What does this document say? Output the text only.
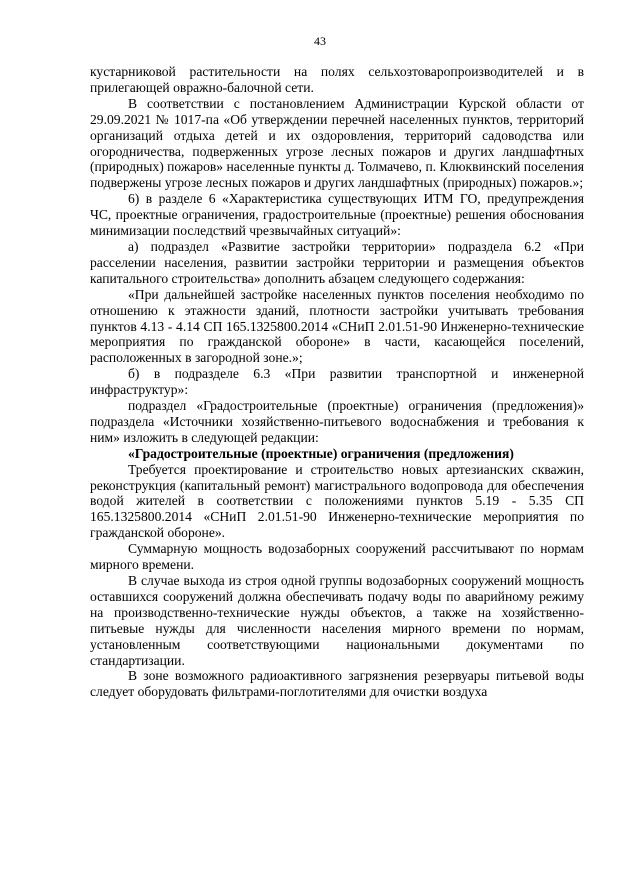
43

кустарниковой растительности на полях сельхозтоваропроизводителей и в прилегающей овражно-балочной сети.

В соответствии с постановлением Администрации Курской области от 29.09.2021 № 1017-па «Об утверждении перечней населенных пунктов, территорий организаций отдыха детей и их оздоровления, территорий садоводства или огородничества, подверженных угрозе лесных пожаров и других ландшафтных (природных) пожаров» населенные пункты д. Толмачево, п. Клюквинский поселения подвержены угрозе лесных пожаров и других ландшафтных (природных) пожаров.»;

6) в разделе 6 «Характеристика существующих ИТМ ГО, предупреждения ЧС, проектные ограничения, градостроительные (проектные) решения обоснования минимизации последствий чрезвычайных ситуаций»:

а) подраздел «Развитие застройки территории» подраздела 6.2 «При расселении населения, развитии застройки территории и размещения объектов капитального строительства» дополнить абзацем следующего содержания:

«При дальнейшей застройке населенных пунктов поселения необходимо по отношению к этажности зданий, плотности застройки учитывать требования пунктов 4.13 - 4.14 СП 165.1325800.2014 «СНиП 2.01.51-90 Инженерно-технические мероприятия по гражданской обороне» в части, касающейся поселений, расположенных в загородной зоне.»;

б) в подразделе 6.3 «При развитии транспортной и инженерной инфраструктур»:

подраздел «Градостроительные (проектные) ограничения (предложения)» подраздела «Источники хозяйственно-питьевого водоснабжения и требования к ним» изложить в следующей редакции:

«Градостроительные (проектные) ограничения (предложения)

Требуется проектирование и строительство новых артезианских скважин, реконструкция (капитальный ремонт) магистрального водопровода для обеспечения водой жителей в соответствии с положениями пунктов 5.19 - 5.35 СП 165.1325800.2014 «СНиП 2.01.51-90 Инженерно-технические мероприятия по гражданской обороне».

Суммарную мощность водозаборных сооружений рассчитывают по нормам мирного времени.

В случае выхода из строя одной группы водозаборных сооружений мощность оставшихся сооружений должна обеспечивать подачу воды по аварийному режиму на производственно-технические нужды объектов, а также на хозяйственно-питьевые нужды для численности населения мирного времени по нормам, установленным соответствующими национальными документами по стандартизации.

В зоне возможного радиоактивного загрязнения резервуары питьевой воды следует оборудовать фильтрами-поглотителями для очистки воздуха
